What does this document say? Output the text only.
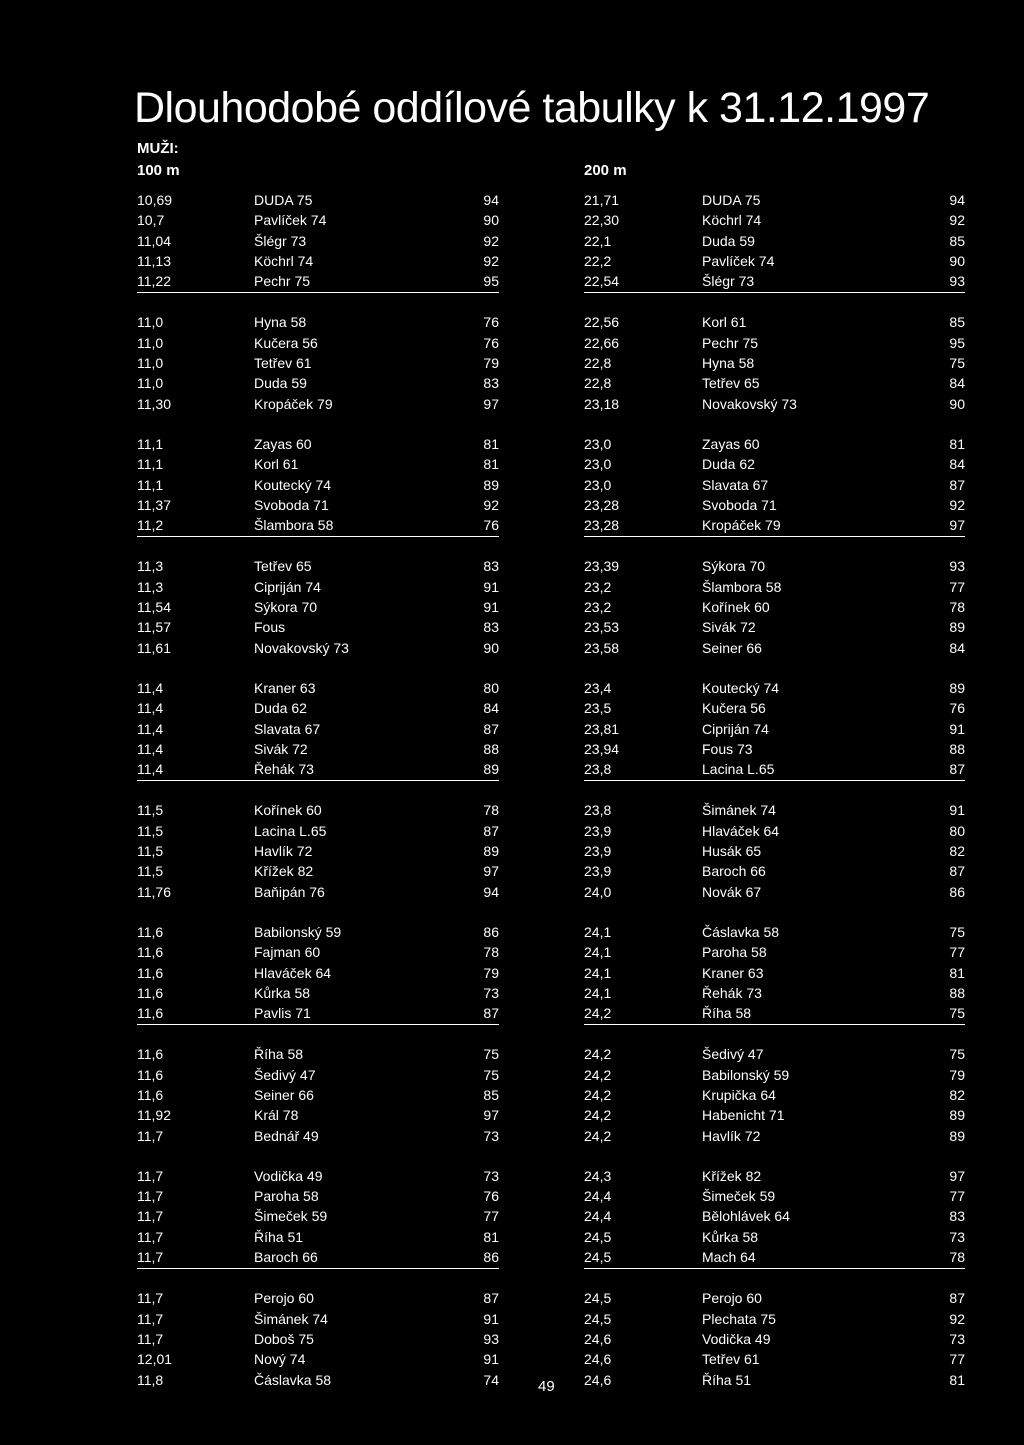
Dlouhodobé oddílové tabulky k 31.12.1997
MUŽI:
100 m	200 m
10,69	DUDA 75	94
10,7	Pavlíček 74	90
11,04	Šlégr 73	92
11,13	Köchrl 74	92
11,22	Pechr 75	95
11,0	Hyna 58	76
11,0	Kučera 56	76
11,0	Tetřev 61	79
11,0	Duda 59	83
11,30	Kropáček 79	97
11,1	Zayas 60	81
11,1	Korl 61	81
11,1	Koutecký 74	89
11,37	Svoboda 71	92
11,2	Šlambora 58	76
11,3	Tetřev 65	83
11,3	Cipriján 74	91
11,54	Sýkora 70	91
11,57	Fous	83
11,61	Novakovský 73	90
11,4	Kraner 63	80
11,4	Duda 62	84
11,4	Slavata 67	87
11,4	Sivák 72	88
11,4	Řehák 73	89
11,5	Kořínek 60	78
11,5	Lacina L.65	87
11,5	Havlík 72	89
11,5	Křížek 82	97
11,76	Baňipán 76	94
11,6	Babilonský 59	86
11,6	Fajman 60	78
11,6	Hlaváček 64	79
11,6	Kůrka 58	73
11,6	Pavlis 71	87
11,6	Říha 58	75
11,6	Šedivý 47	75
11,6	Seiner 66	85
11,92	Král 78	97
11,7	Bednář 49	73
11,7	Vodička 49	73
11,7	Paroha 58	76
11,7	Šimeček 59	77
11,7	Říha 51	81
11,7	Baroch 66	86
11,7	Perojo 60	87
11,7	Šimánek 74	91
11,7	Doboš 75	93
12,01	Nový 74	91
11,8	Čáslavka 58	74
21,71	DUDA 75	94
22,30	Köchrl 74	92
22,1	Duda 59	85
22,2	Pavlíček 74	90
22,54	Šlégr 73	93
22,56	Korl 61	85
22,66	Pechr 75	95
22,8	Hyna 58	75
22,8	Tetřev 65	84
23,18	Novakovský 73	90
23,0	Zayas 60	81
23,0	Duda 62	84
23,0	Slavata 67	87
23,28	Svoboda 71	92
23,28	Kropáček 79	97
23,39	Sýkora 70	93
23,2	Šlambora 58	77
23,2	Kořínek 60	78
23,53	Sivák 72	89
23,58	Seiner 66	84
23,4	Koutecký 74	89
23,5	Kučera 56	76
23,81	Cipriján 74	91
23,94	Fous 73	88
23,8	Lacina L.65	87
23,8	Šimánek 74	91
23,9	Hlaváček 64	80
23,9	Husák 65	82
23,9	Baroch 66	87
24,0	Novák 67	86
24,1	Čáslavka 58	75
24,1	Paroha 58	77
24,1	Kraner 63	81
24,1	Řehák 73	88
24,2	Říha 58	75
24,2	Šedivý 47	75
24,2	Babilonský 59	79
24,2	Krupička 64	82
24,2	Habenicht 71	89
24,2	Havlík 72	89
24,3	Křížek 82	97
24,4	Šimeček 59	77
24,4	Bělohlávek 64	83
24,5	Kůrka 58	73
24,5	Mach 64	78
24,5	Perojo 60	87
24,5	Plechata 75	92
24,6	Vodička 49	73
24,6	Tetřev 61	77
24,6	Říha 51	81
49
